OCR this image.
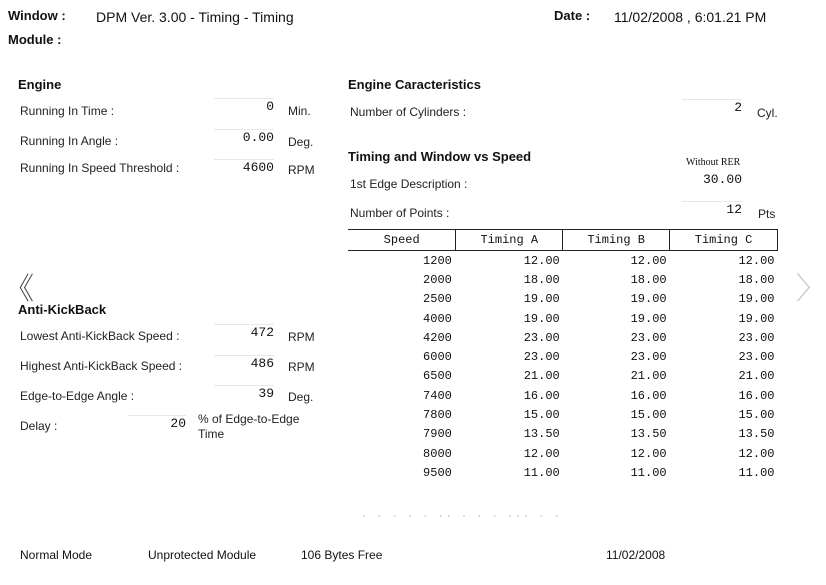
Window : DPM Ver. 3.00 - Timing - Timing
Module :
Date : 11/02/2008 , 6:01.21 PM
Engine
Running In Time :	0 Min.
Running In Angle :	0.00 Deg.
Running In Speed Threshold :	4600 RPM
《	〉
Anti-KickBack
Lowest Anti-KickBack Speed :	472 RPM
Highest Anti-KickBack Speed :	486 RPM
Edge-to-Edge Angle :	39 Deg.
Delay :	20 % of Edge-to-Edge
Time
Engine Caracteristics
Number of Cylinders :	2 Cyl.
Timing and Window vs Speed	Without RER
1st Edge Description :	30.00
Number of Points :	12 Pts
Speed	Timing A	Timing B	Timing C
1200	12.00	12.00	12.00
2000	18.00	18.00	18.00
2500	19.00	19.00	19.00
4000	19.00	19.00	19.00
4200	23.00	23.00	23.00
6000	23.00	23.00	23.00
6500	21.00	21.00	21.00
7400	16.00	16.00	16.00
7800	15.00	15.00	15.00
7900	13.50	13.50	13.50
8000	12.00	12.00	12.00
9500	11.00	11.00	11.00
· · · · · ·· · · · ··· · ·
Normal Mode	Unprotected Module	106 Bytes Free	11/02/2008
